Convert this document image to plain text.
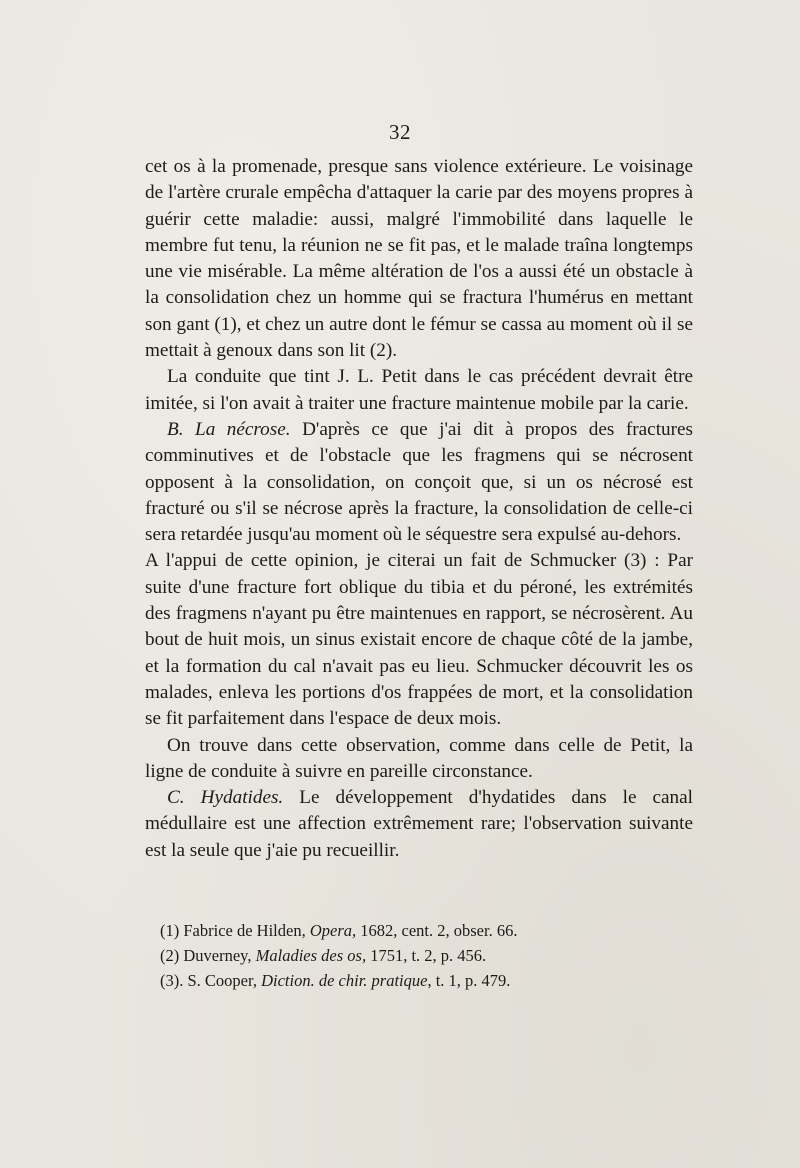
32

cet os à la promenade, presque sans violence extérieure. Le voisinage de l'artère crurale empêcha d'attaquer la carie par des moyens propres à guérir cette maladie: aussi, malgré l'immobilité dans laquelle le membre fut tenu, la réunion ne se fit pas, et le malade traîna longtemps une vie misérable. La même altération de l'os a aussi été un obstacle à la consolidation chez un homme qui se fractura l'humérus en mettant son gant (1), et chez un autre dont le fémur se cassa au moment où il se mettait à genoux dans son lit (2).

La conduite que tint J. L. Petit dans le cas précédent devrait être imitée, si l'on avait à traiter une fracture maintenue mobile par la carie.

B. La nécrose. D'après ce que j'ai dit à propos des fractures comminutives et de l'obstacle que les fragmens qui se nécrosent opposent à la consolidation, on conçoit que, si un os nécrosé est fracturé ou s'il se nécrose après la fracture, la consolidation de celle-ci sera retardée jusqu'au moment où le séquestre sera expulsé au-dehors.

A l'appui de cette opinion, je citerai un fait de Schmucker (3) : Par suite d'une fracture fort oblique du tibia et du péroné, les extrémités des fragmens n'ayant pu être maintenues en rapport, se nécrosèrent. Au bout de huit mois, un sinus existait encore de chaque côté de la jambe, et la formation du cal n'avait pas eu lieu. Schmucker découvrit les os malades, enleva les portions d'os frappées de mort, et la consolidation se fit parfaitement dans l'espace de deux mois.

On trouve dans cette observation, comme dans celle de Petit, la ligne de conduite à suivre en pareille circonstance.

C. Hydatides. Le développement d'hydatides dans le canal médullaire est une affection extrêmement rare; l'observation suivante est la seule que j'aie pu recueillir.

(1) Fabrice de Hilden, Opera, 1682, cent. 2, obser. 66.
(2) Duverney, Maladies des os, 1751, t. 2, p. 456.
(3). S. Cooper, Diction. de chir. pratique, t. 1, p. 479.
